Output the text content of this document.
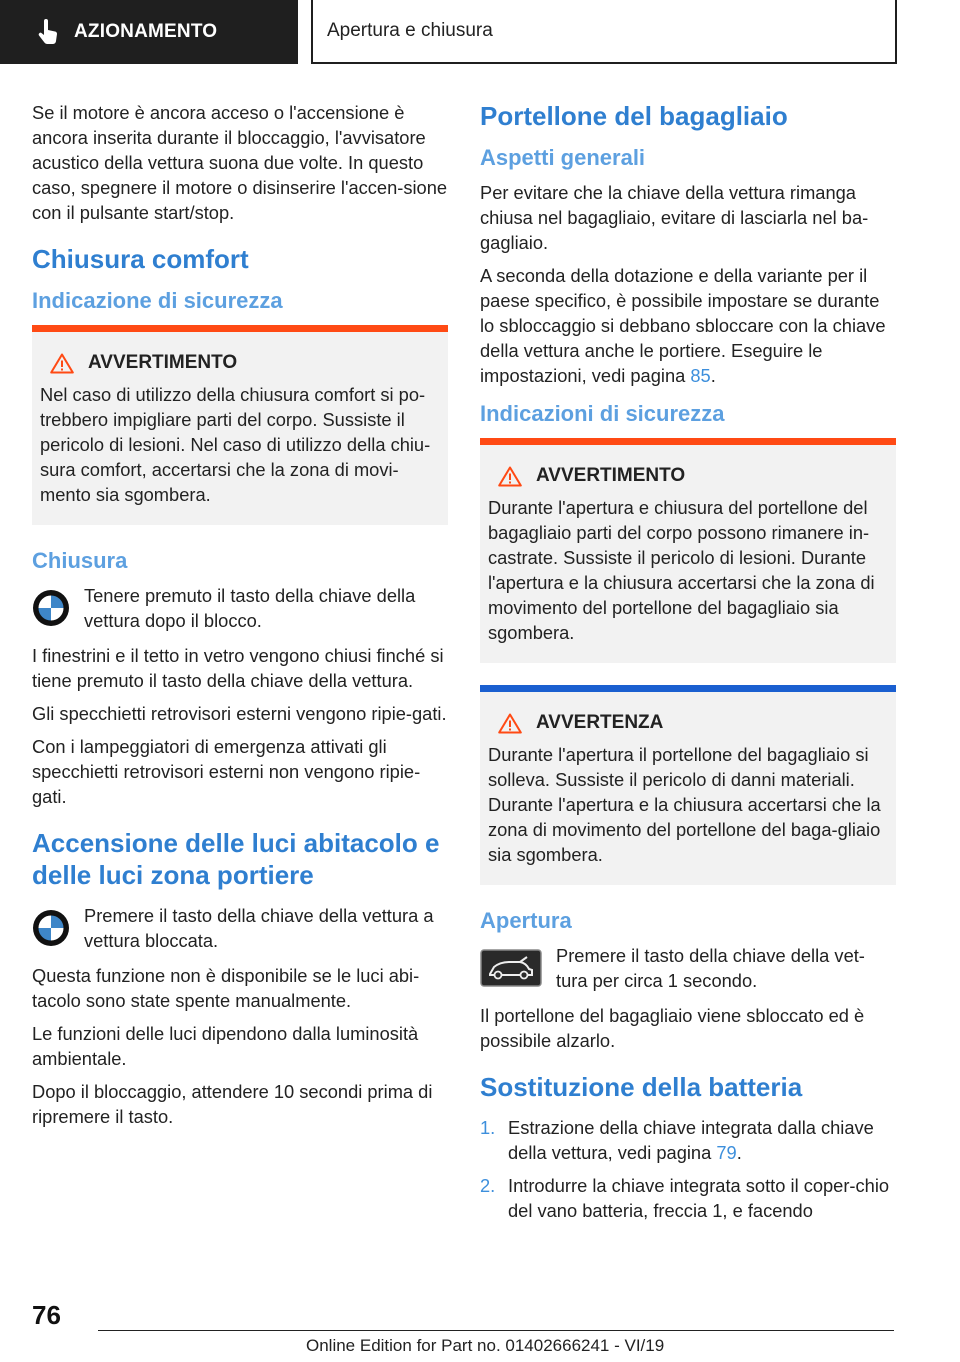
AZIONAMENTO	Apertura e chiusura

Se il motore è ancora acceso o l'accensione è ancora inserita durante il bloccaggio, l'avvisatore acustico della vettura suona due volte. In questo caso, spegnere il motore o disinserire l'accen-sione con il pulsante start/stop.

Chiusura comfort
Indicazione di sicurezza
AVVERTIMENTO

Nel caso di utilizzo della chiusura comfort si po-trebbero impigliare parti del corpo. Sussiste il pericolo di lesioni. Nel caso di utilizzo della chiu-sura comfort, accertarsi che la zona di movi-mento sia sgombera.

Chiusura

Tenere premuto il tasto della chiave della vettura dopo il blocco.

I finestrini e il tetto in vetro vengono chiusi finché si tiene premuto il tasto della chiave della vettura.

Gli specchietti retrovisori esterni vengono ripie-gati.

Con i lampeggiatori di emergenza attivati gli specchietti retrovisori esterni non vengono ripie-gati.

Accensione delle luci abitacolo e delle luci zona portiere

Premere il tasto della chiave della vettura a vettura bloccata.

Questa funzione non è disponibile se le luci abi-tacolo sono state spente manualmente.

Le funzioni delle luci dipendono dalla luminosità ambientale.

Dopo il bloccaggio, attendere 10 secondi prima di ripremere il tasto.

Portellone del bagagliaio
Aspetti generali

Per evitare che la chiave della vettura rimanga chiusa nel bagagliaio, evitare di lasciarla nel ba-gagliaio.

A seconda della dotazione e della variante per il paese specifico, è possibile impostare se durante lo sbloccaggio si debbano sbloccare con la chiave della vettura anche le portiere. Eseguire le impostazioni, vedi pagina 85.

Indicazioni di sicurezza
AVVERTIMENTO

Durante l'apertura e chiusura del portellone del bagagliaio parti del corpo possono rimanere in-castrate. Sussiste il pericolo di lesioni. Durante l'apertura e la chiusura accertarsi che la zona di movimento del portellone del bagagliaio sia sgombera.

AVVERTENZA

Durante l'apertura il portellone del bagagliaio si solleva. Sussiste il pericolo di danni materiali. Durante l'apertura e la chiusura accertarsi che la zona di movimento del portellone del baga-gliaio sia sgombera.

Apertura

Premere il tasto della chiave della vet-tura per circa 1 secondo.

Il portellone del bagagliaio viene sbloccato ed è possibile alzarlo.

Sostituzione della batteria
1. Estrazione della chiave integrata dalla chiave della vettura, vedi pagina 79.
2. Introdurre la chiave integrata sotto il coper-chio del vano batteria, freccia 1, e facendo
76
Online Edition for Part no. 01402666241 - VI/19
